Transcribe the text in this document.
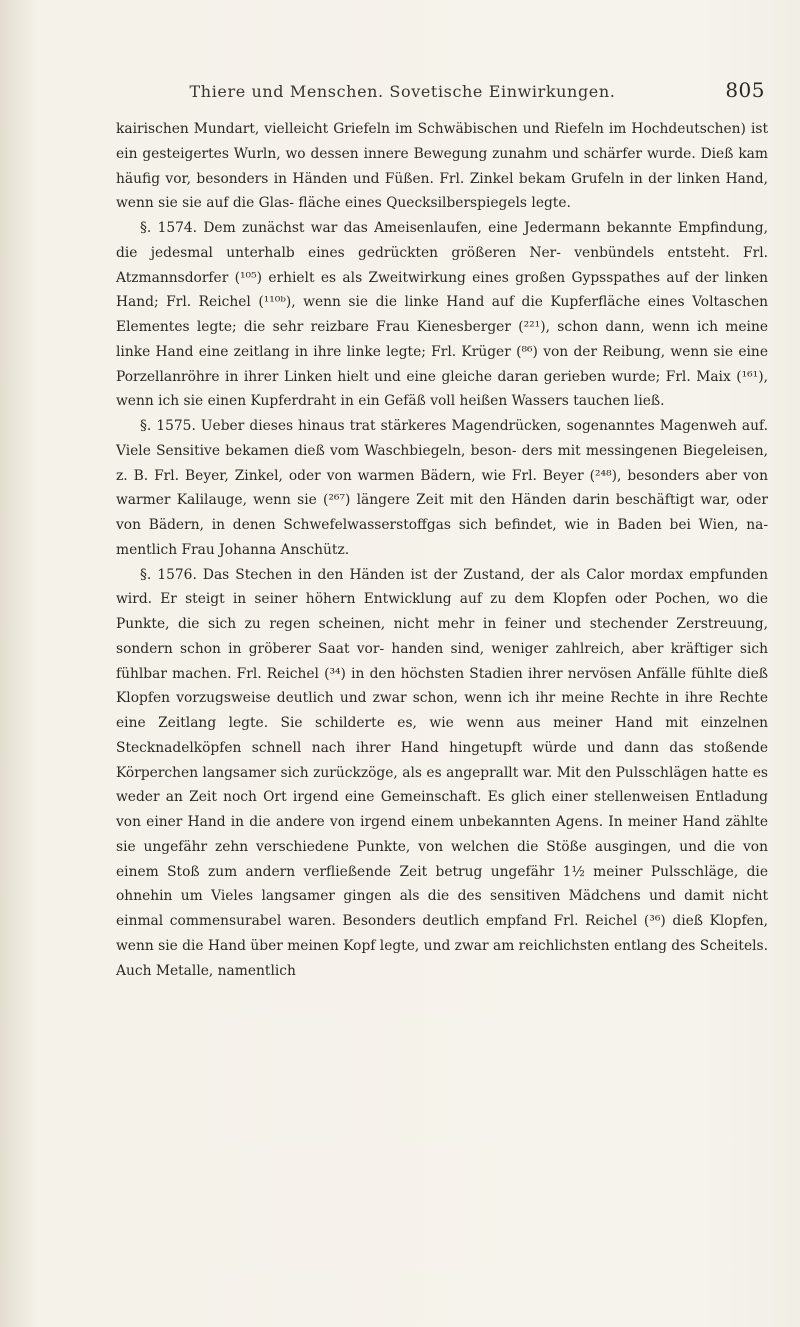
Thiere und Menschen. Sovetische Einwirkungen.	805

kairischen Mundart, vielleicht Griefeln im Schwäbischen und Riefeln im Hochdeutschen) ist ein gesteigertes Wurln, wo dessen innere Bewegung zunahm und schärfer wurde. Dieß kam häufig vor, besonders in Händen und Füßen. Frl. Zinkel bekam Grufeln in der linken Hand, wenn sie sie auf die Glas- fläche eines Quecksilberspiegels legte.

§. 1574. Dem zunächst war das Ameisenlaufen, eine Jedermann bekannte Empfindung, die jedesmal unterhalb eines gedrückten größeren Ner- venbündels entsteht. Frl. Atzmannsdorfer (¹⁰⁵) erhielt es als Zweitwirkung eines großen Gypsspathes auf der linken Hand; Frl. Reichel (¹¹⁰ᵇ), wenn sie die linke Hand auf die Kupferfläche eines Voltaschen Elementes legte; die sehr reizbare Frau Kienesberger (²²¹), schon dann, wenn ich meine linke Hand eine zeitlang in ihre linke legte; Frl. Krüger (⁸⁶) von der Reibung, wenn sie eine Porzellanröhre in ihrer Linken hielt und eine gleiche daran gerieben wurde; Frl. Maix (¹⁶¹), wenn ich sie einen Kupferdraht in ein Gefäß voll heißen Wassers tauchen ließ.

§. 1575. Ueber dieses hinaus trat stärkeres Magendrücken, sogenanntes Magenweh auf. Viele Sensitive bekamen dieß vom Waschbiegeln, beson- ders mit messingenen Biegeleisen, z. B. Frl. Beyer, Zinkel, oder von warmen Bädern, wie Frl. Beyer (²⁴⁸), besonders aber von warmer Kalilauge, wenn sie (²⁶⁷) längere Zeit mit den Händen darin beschäftigt war, oder von Bädern, in denen Schwefelwasserstoffgas sich befindet, wie in Baden bei Wien, na- mentlich Frau Johanna Anschütz.

§. 1576. Das Stechen in den Händen ist der Zustand, der als Calor mordax empfunden wird. Er steigt in seiner höhern Entwicklung auf zu dem Klopfen oder Pochen, wo die Punkte, die sich zu regen scheinen, nicht mehr in feiner und stechender Zerstreuung, sondern schon in gröberer Saat vor- handen sind, weniger zahlreich, aber kräftiger sich fühlbar machen. Frl. Reichel (³⁴) in den höchsten Stadien ihrer nervösen Anfälle fühlte dieß Klopfen vorzugsweise deutlich und zwar schon, wenn ich ihr meine Rechte in ihre Rechte eine Zeitlang legte. Sie schilderte es, wie wenn aus meiner Hand mit einzelnen Stecknadelköpfen schnell nach ihrer Hand hingetupft würde und dann das stoßende Körperchen langsamer sich zurückzöge, als es angeprallt war. Mit den Pulsschlägen hatte es weder an Zeit noch Ort irgend eine Gemeinschaft. Es glich einer stellenweisen Entladung von einer Hand in die andere von irgend einem unbekannten Agens. In meiner Hand zählte sie ungefähr zehn verschiedene Punkte, von welchen die Stöße ausgingen, und die von einem Stoß zum andern verfließende Zeit betrug ungefähr 1½ meiner Pulsschläge, die ohnehin um Vieles langsamer gingen als die des sensitiven Mädchens und damit nicht einmal commensurabel waren. Besonders deutlich empfand Frl. Reichel (³⁶) dieß Klopfen, wenn sie die Hand über meinen Kopf legte, und zwar am reichlichsten entlang des Scheitels. Auch Metalle, namentlich
